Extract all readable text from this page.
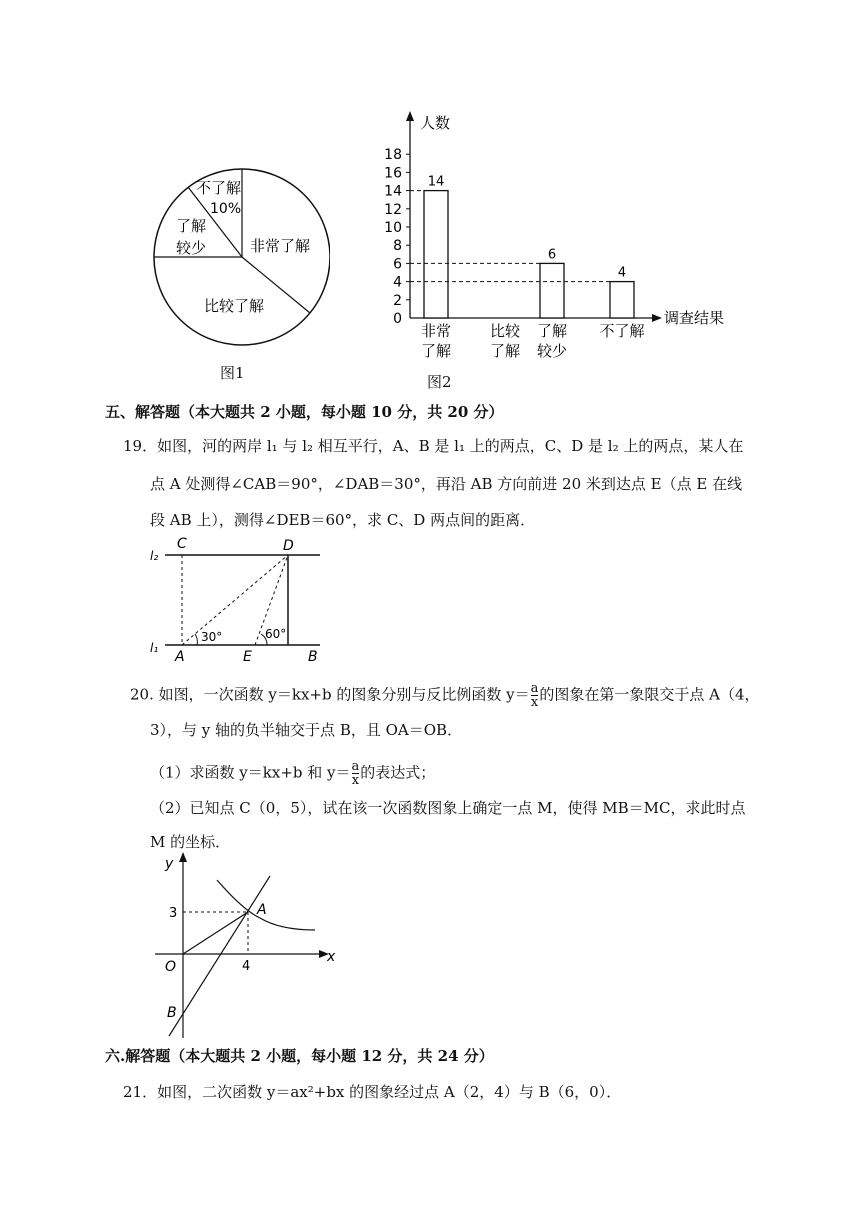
不了解
10%
了解
较少	非常了解
比较了解
图1
人数
调查结果
0
2
4
6
8
10
12
14
16
18
14
6
4
非常
了解
比较
了解
了解
较少
不了解
图2
五、解答题（本大题共 2 小题，每小题 10 分，共 20 分）
19．如图，河的两岸 l₁ 与 l₂ 相互平行，A、B 是 l₁ 上的两点，C、D 是 l₂ 上的两点，某人在
点 A 处测得∠CAB＝90°，∠DAB＝30°，再沿 AB 方向前进 20 米到达点 E（点 E 在线
段 AB 上），测得∠DEB＝60°，求 C、D 两点间的距离．
l₂
l₁
C	D
A	E	B
30°	60°
20. 如图，一次函数 y＝kx+b 的图象分别与反比例函数 $y= \frac{a}{x}$ 的图象在第一象限交于点 A（4，
3），与 y 轴的负半轴交于点 B，且 OA＝OB．
（1）求函数 y＝kx+b 和 $y= \frac{a}{x}$ 的表达式；
（2）已知点 C（0，5），试在该一次函数图象上确定一点 M，使得 MB＝MC，求此时点
M 的坐标．
y
x
O
A
B
3
4
六.解答题（本大题共 2 小题，每小题 12 分，共 24 分）
21．如图，二次函数 y＝ax²+bx 的图象经过点 A（2，4）与 B（6，0）．
